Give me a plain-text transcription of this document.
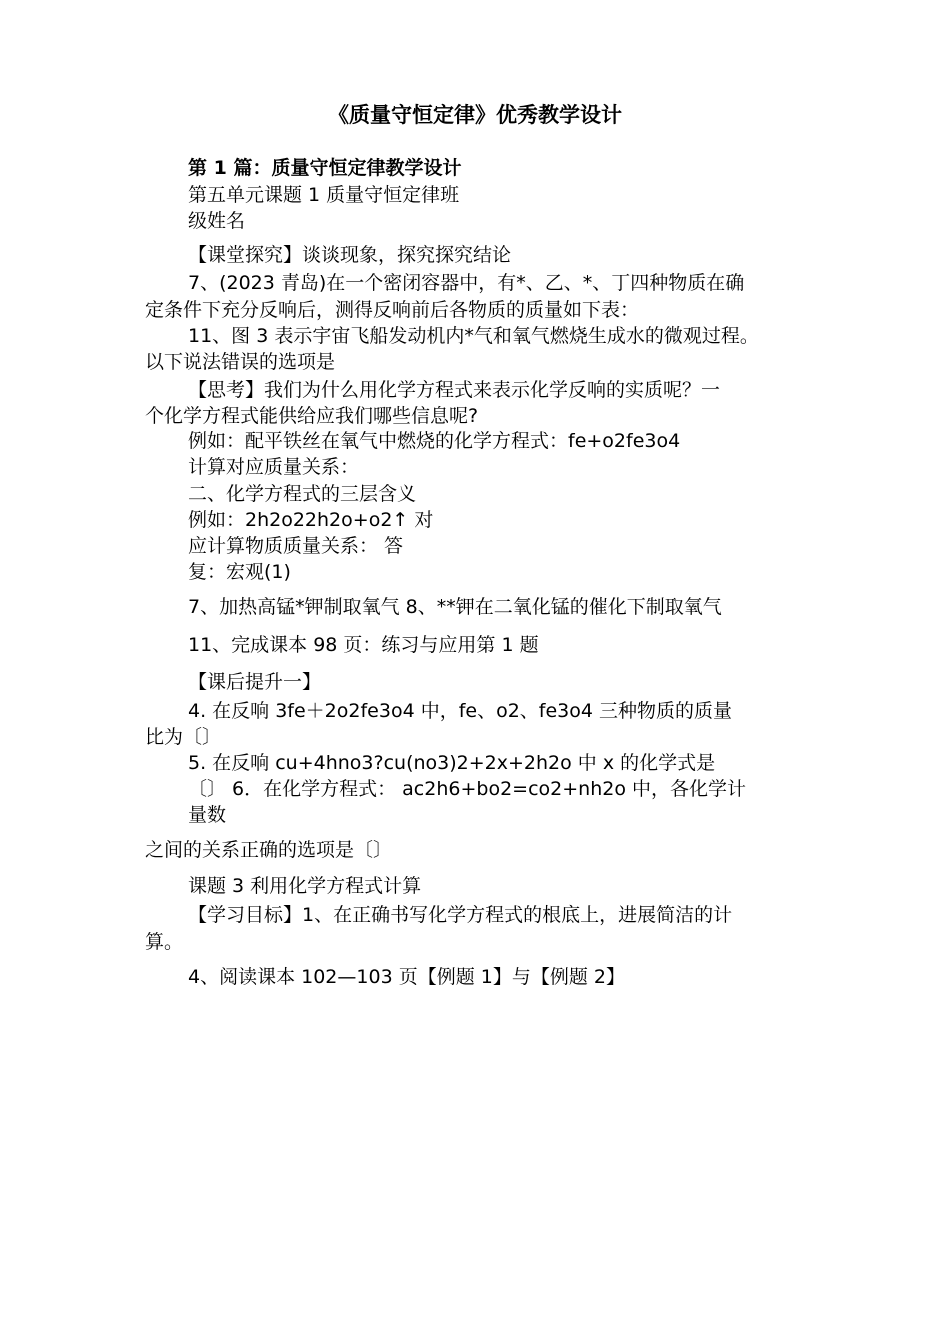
《质量守恒定律》优秀教学设计

第 1 篇：质量守恒定律教学设计

第五单元课题 1 质量守恒定律班

级姓名

【课堂探究】谈谈现象，探究探究结论

7、(2023 青岛)在一个密闭容器中，有*、乙、*、丁四种物质在确

定条件下充分反响后，测得反响前后各物质的质量如下表：

11、图 3 表示宇宙飞船发动机内*气和氧气燃烧生成水的微观过程。

以下说法错误的选项是

【思考】我们为什么用化学方程式来表示化学反响的实质呢？一

个化学方程式能供给应我们哪些信息呢?

例如：配平铁丝在氧气中燃烧的化学方程式：fe+o2fe3o4

计算对应质量关系：

二、化学方程式的三层含义

例如：2h2o22h2o+o2↑ 对

应计算物质质量关系： 答

复：宏观(1)

7、加热高锰*钾制取氧气 8、**钾在二氧化锰的催化下制取氧气

11、完成课本 98 页：练习与应用第 1 题

【课后提升一】

4. 在反响 3fe＋2o2fe3o4 中，fe、o2、fe3o4 三种物质的质量

比为〔〕

5. 在反响 cu+4hno3?cu(no3)2+2x+2h2o 中 x 的化学式是

〔〕 6．在化学方程式： ac2h6+bo2=co2+nh2o 中，各化学计

量数

之间的关系正确的选项是〔〕

课题 3 利用化学方程式计算

【学习目标】1、在正确书写化学方程式的根底上，进展简洁的计

算。

4、阅读课本 102—103 页【例题 1】与【例题 2】
